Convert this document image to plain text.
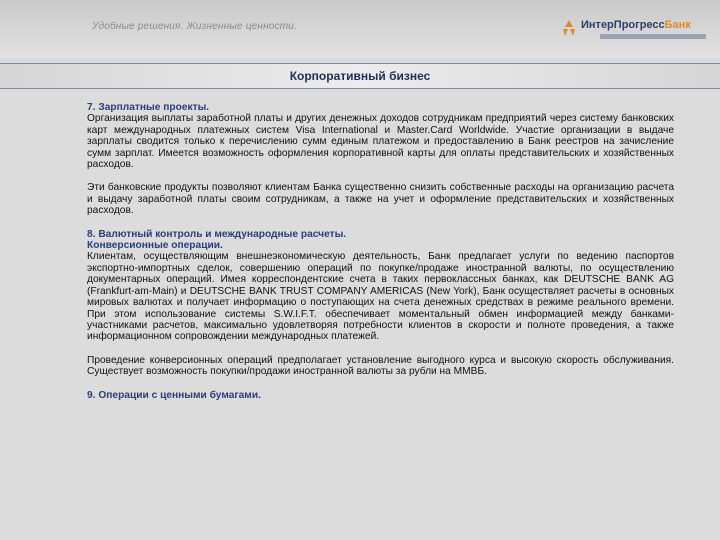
Удобные решения. Жизненные ценности.	ИнтерПрогрессБанк
Корпоративный бизнес
7. Зарплатные проекты.
Организация выплаты заработной платы и других денежных доходов сотрудникам предприятий через систему банковских карт международных платежных систем Visa International и Master.Card Worldwide. Участие организации в выдаче зарплаты сводится только к перечислению сумм единым платежом и предоставлению в Банк реестров на зачисление сумм зарплат. Имеется возможность оформления корпоративной карты для оплаты представительских и хозяйственных расходов.
Эти банковские продукты позволяют клиентам Банка существенно снизить собственные расходы на организацию расчета и выдачу заработной платы своим сотрудникам, а также на учет и оформление представительских и хозяйственных расходов.
8. Валютный контроль и международные расчеты.
Конверсионные операции.
Клиентам, осуществляющим внешнеэкономическую деятельность, Банк предлагает услуги по ведению паспортов экспортно-импортных сделок, совершению операций по покупке/продаже иностранной валюты, по осуществлению документарных операций. Имея корреспондентские счета в таких первоклассных банках, как DEUTSCHE BANK AG (Frankfurt-am-Main) и DEUTSCHE BANK TRUST COMPANY AMERICAS (New York), Банк осуществляет расчеты в основных мировых валютах и получает информацию о поступающих на счета денежных средствах в режиме реального времени. При этом использование системы S.W.I.F.T. обеспечивает моментальный обмен информацией между банками-участниками расчетов, максимально удовлетворяя потребности клиентов в скорости и полноте проведения, а также информационном сопровождении международных платежей.
Проведение конверсионных операций предполагает установление выгодного курса и высокую скорость обслуживания. Существует возможность покупки/продажи иностранной валюты за рубли на ММВБ.
9. Операции с ценными бумагами.
